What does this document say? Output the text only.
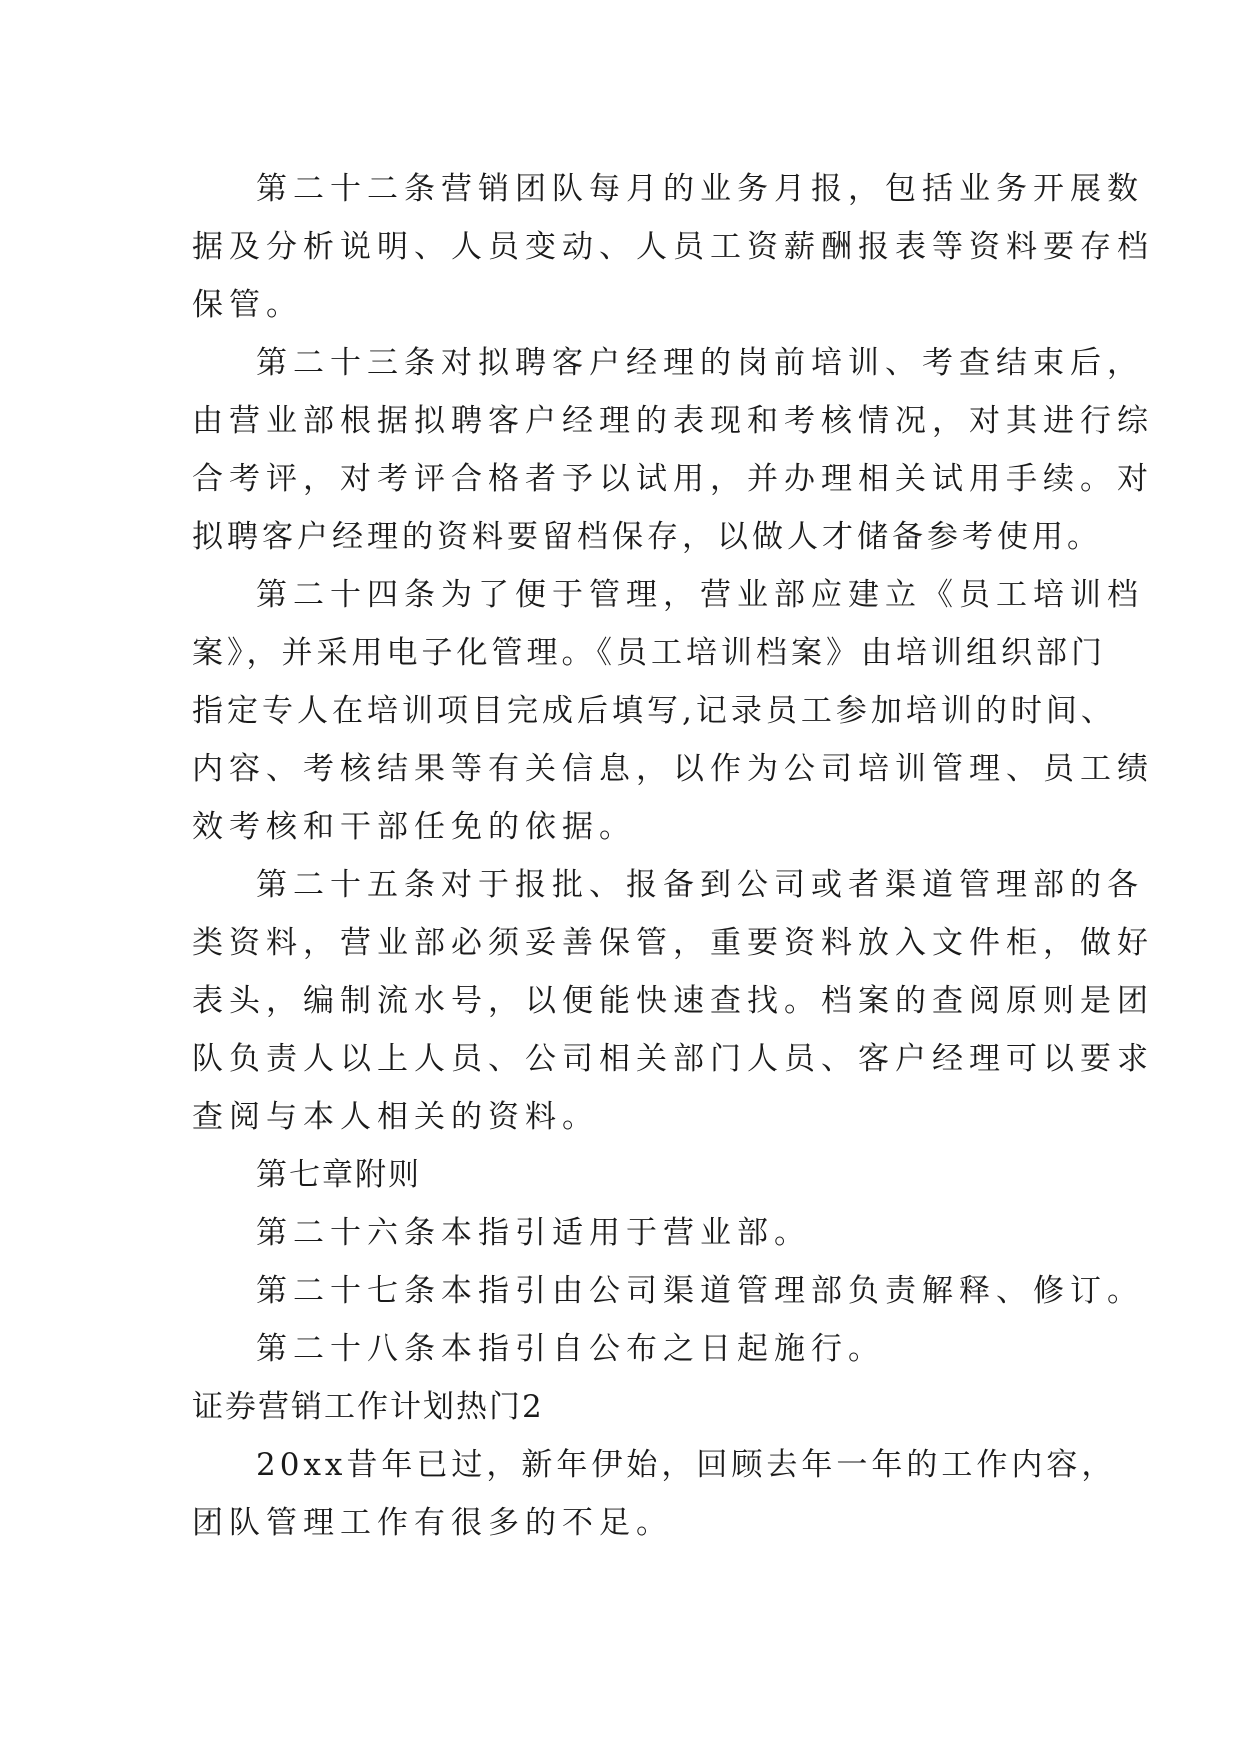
第二十二条营销团队每月的业务月报，包括业务开展数
据及分析说明、人员变动、人员工资薪酬报表等资料要存档
保管。
第二十三条对拟聘客户经理的岗前培训、考查结束后，
由营业部根据拟聘客户经理的表现和考核情况，对其进行综
合考评，对考评合格者予以试用，并办理相关试用手续。对
拟聘客户经理的资料要留档保存，以做人才储备参考使用。
第二十四条为了便于管理，营业部应建立《员工培训档
案》，并采用电子化管理。《员工培训档案》由培训组织部门
指定专人在培训项目完成后填写,记录员工参加培训的时间、
内容、考核结果等有关信息，以作为公司培训管理、员工绩
效考核和干部任免的依据。
第二十五条对于报批、报备到公司或者渠道管理部的各
类资料，营业部必须妥善保管，重要资料放入文件柜，做好
表头，编制流水号，以便能快速查找。档案的查阅原则是团
队负责人以上人员、公司相关部门人员、客户经理可以要求
查阅与本人相关的资料。
第七章附则
第二十六条本指引适用于营业部。
第二十七条本指引由公司渠道管理部负责解释、修订。
第二十八条本指引自公布之日起施行。
证券营销工作计划热门2
20xx昔年已过，新年伊始，回顾去年一年的工作内容，
团队管理工作有很多的不足。
